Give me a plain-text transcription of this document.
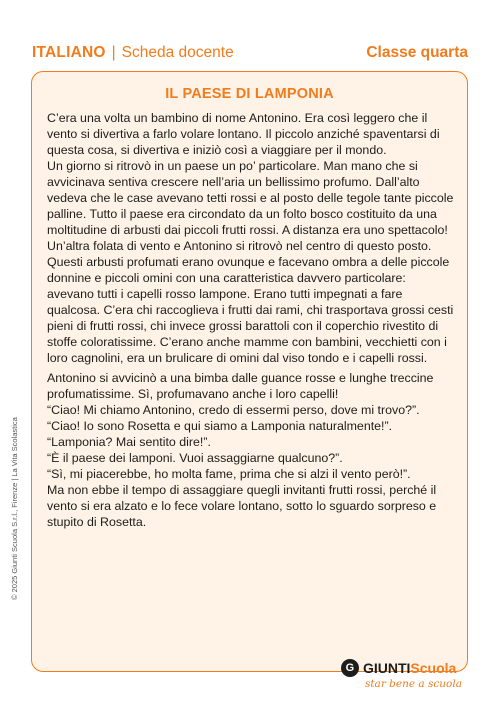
ITALIANO | Scheda docente	Classe quarta
IL PAESE DI LAMPONIA

C’era una volta un bambino di nome Antonino. Era così leggero che il vento si divertiva a farlo volare lontano. Il piccolo anziché spaventarsi di questa cosa, si divertiva e iniziò così a viaggiare per il mondo.

Un giorno si ritrovò in un paese un po’ particolare. Man mano che si avvicinava sentiva crescere nell’aria un bellissimo profumo. Dall’alto vedeva che le case avevano tetti rossi e al posto delle tegole tante piccole palline. Tutto il paese era circondato da un folto bosco costituito da una moltitudine di arbusti dai piccoli frutti rossi. A distanza era uno spettacolo!

Un’altra folata di vento e Antonino si ritrovò nel centro di questo posto. Questi arbusti profumati erano ovunque e facevano ombra a delle piccole donnine e piccoli omini con una caratteristica davvero particolare: avevano tutti i capelli rosso lampone. Erano tutti impegnati a fare qualcosa. C’era chi raccoglieva i frutti dai rami, chi trasportava grossi cesti pieni di frutti rossi, chi invece grossi barattoli con il coperchio rivestito di stoffe coloratissime. C’erano anche mamme con bambini, vecchietti con i loro cagnolini, era un brulicare di omini dal viso tondo e i capelli rossi.

Antonino si avvicinò a una bimba dalle guance rosse e lunghe treccine profumatissime. Sì, profumavano anche i loro capelli!

“Ciao! Mi chiamo Antonino, credo di essermi perso, dove mi trovo?”.

“Ciao! Io sono Rosetta e qui siamo a Lamponia naturalmente!”.

“Lamponia? Mai sentito dire!”.

“È il paese dei lamponi. Vuoi assaggiarne qualcuno?”.

“Sì, mi piacerebbe, ho molta fame, prima che si alzi il vento però!”.

Ma non ebbe il tempo di assaggiare quegli invitanti frutti rossi, perché il vento si era alzato e lo fece volare lontano, sotto lo sguardo sorpreso e stupito di Rosetta.

© 2025 Giunti Scuola S.r.l., Firenze | La Vita Scolastica
G GIUNTI Scuola
star bene a scuola
